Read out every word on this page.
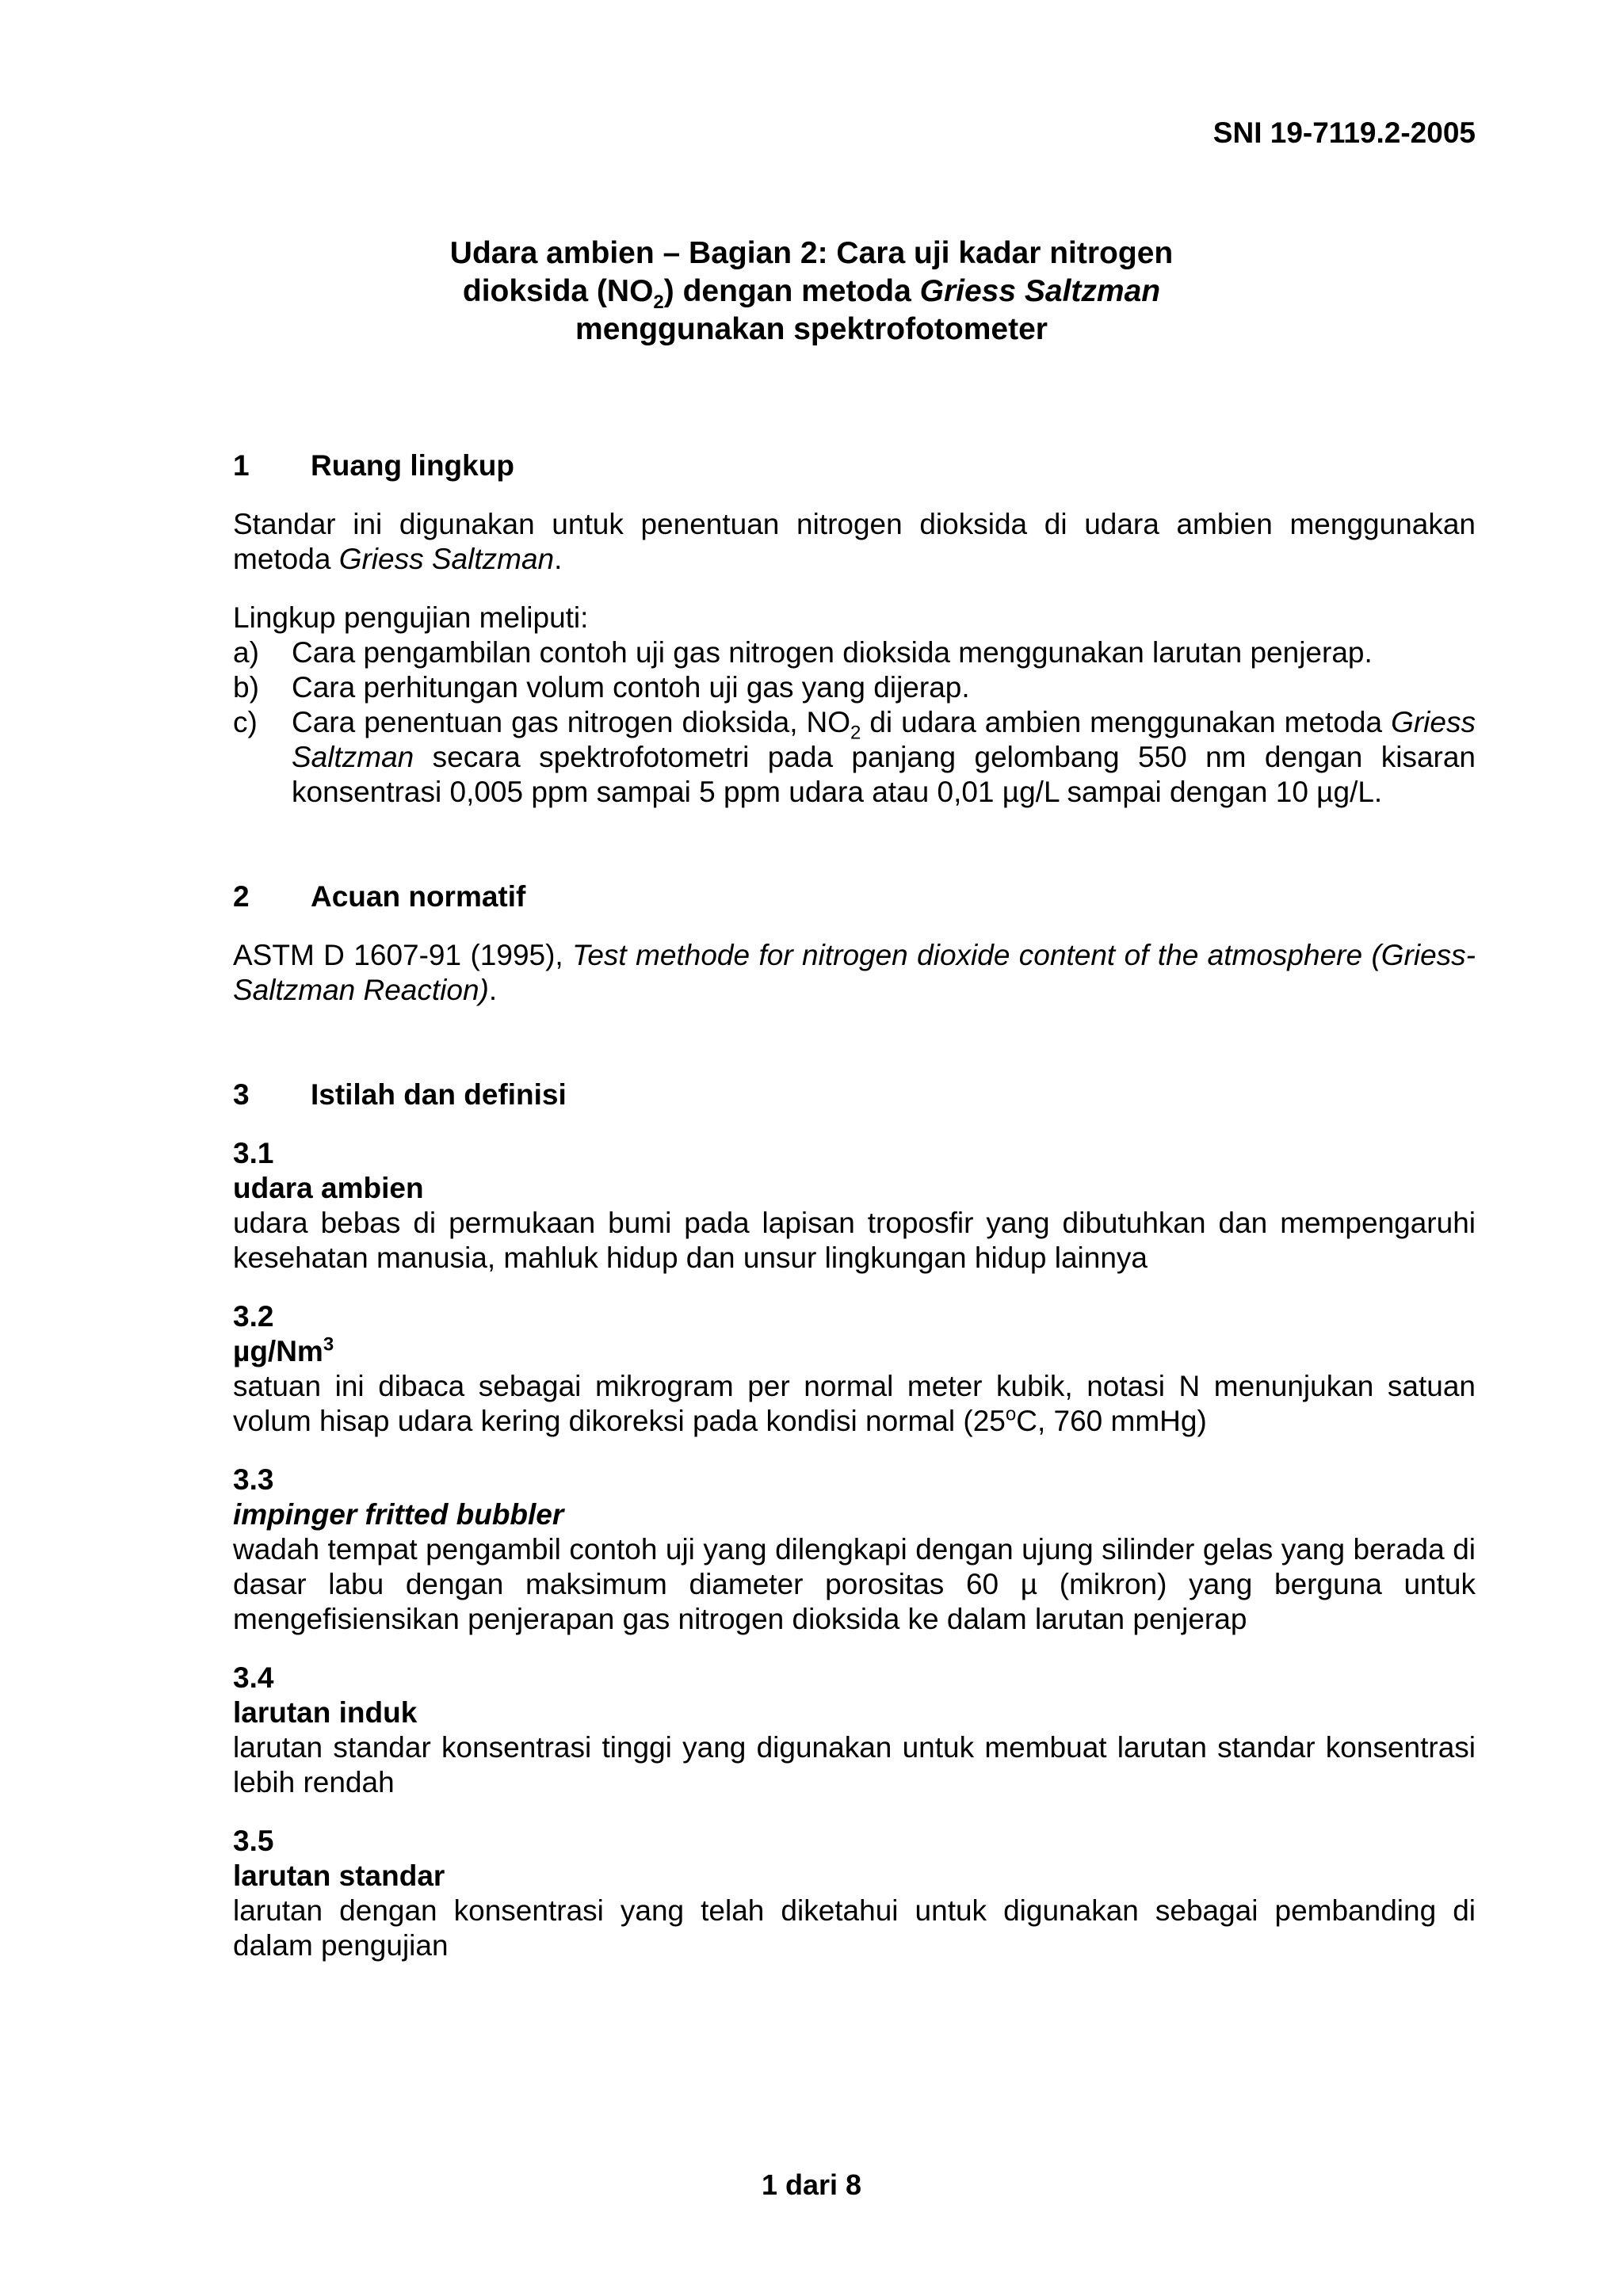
SNI 19-7119.2-2005
Udara ambien – Bagian 2: Cara uji kadar nitrogen
dioksida $(NO_2)$ dengan metoda Griess Saltzman
menggunakan spektrofotometer
1	Ruang lingkup

Standar ini digunakan untuk penentuan nitrogen dioksida di udara ambien menggunakan metoda Griess Saltzman.

Lingkup pengujian meliputi:

a)	Cara pengambilan contoh uji gas nitrogen dioksida menggunakan larutan penjerap.
b)	Cara perhitungan volum contoh uji gas yang dijerap.
c)	Cara penentuan gas nitrogen dioksida, $NO_2$ di udara ambien menggunakan metoda Griess Saltzman secara spektrofotometri pada panjang gelombang 550 nm dengan kisaran konsentrasi 0,005 ppm sampai 5 ppm udara atau 0,01 µg/L sampai dengan 10 µg/L.
2	Acuan normatif

ASTM D 1607-91 (1995), Test methode for nitrogen dioxide content of the atmosphere (Griess-Saltzman Reaction).

3	Istilah dan definisi
3.1
udara ambien

udara bebas di permukaan bumi pada lapisan troposfir yang dibutuhkan dan mempengaruhi kesehatan manusia, mahluk hidup dan unsur lingkungan hidup lainnya

3.2
µg/Nm$^3$

satuan ini dibaca sebagai mikrogram per normal meter kubik, notasi N menunjukan satuan volum hisap udara kering dikoreksi pada kondisi normal (25$^o$C, 760 mmHg)

3.3
impinger fritted bubbler

wadah tempat pengambil contoh uji yang dilengkapi dengan ujung silinder gelas yang berada di dasar labu dengan maksimum diameter porositas 60 µ (mikron) yang berguna untuk mengefisiensikan penjerapan gas nitrogen dioksida ke dalam larutan penjerap

3.4
larutan induk

larutan standar konsentrasi tinggi yang digunakan untuk membuat larutan standar konsentrasi lebih rendah

3.5
larutan standar

larutan dengan konsentrasi yang telah diketahui untuk digunakan sebagai pembanding di dalam pengujian

1 dari 8
